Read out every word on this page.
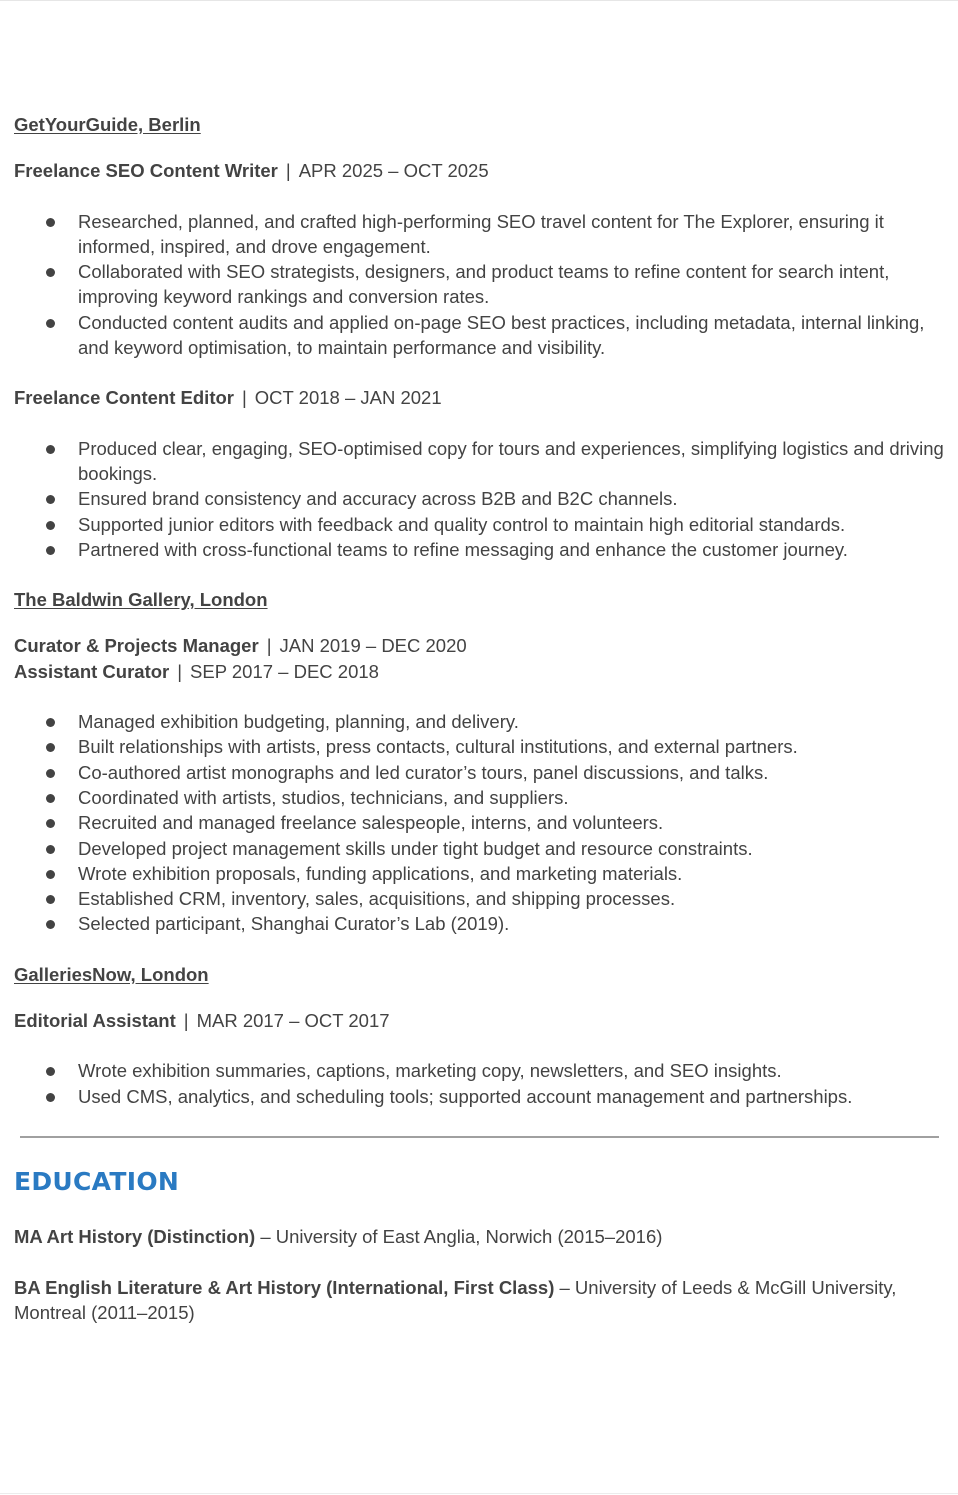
GetYourGuide, Berlin
Freelance SEO Content Writer | APR 2025 – OCT 2025
Researched, planned, and crafted high-performing SEO travel content for The Explorer, ensuring it informed, inspired, and drove engagement.
Collaborated with SEO strategists, designers, and product teams to refine content for search intent, improving keyword rankings and conversion rates.
Conducted content audits and applied on-page SEO best practices, including metadata, internal linking, and keyword optimisation, to maintain performance and visibility.
Freelance Content Editor | OCT 2018 – JAN 2021
Produced clear, engaging, SEO-optimised copy for tours and experiences, simplifying logistics and driving bookings.
Ensured brand consistency and accuracy across B2B and B2C channels.
Supported junior editors with feedback and quality control to maintain high editorial standards.
Partnered with cross-functional teams to refine messaging and enhance the customer journey.
The Baldwin Gallery, London
Curator & Projects Manager | JAN 2019 – DEC 2020
Assistant Curator | SEP 2017 – DEC 2018
Managed exhibition budgeting, planning, and delivery.
Built relationships with artists, press contacts, cultural institutions, and external partners.
Co-authored artist monographs and led curator’s tours, panel discussions, and talks.
Coordinated with artists, studios, technicians, and suppliers.
Recruited and managed freelance salespeople, interns, and volunteers.
Developed project management skills under tight budget and resource constraints.
Wrote exhibition proposals, funding applications, and marketing materials.
Established CRM, inventory, sales, acquisitions, and shipping processes.
Selected participant, Shanghai Curator’s Lab (2019).
GalleriesNow, London
Editorial Assistant | MAR 2017 – OCT 2017
Wrote exhibition summaries, captions, marketing copy, newsletters, and SEO insights.
Used CMS, analytics, and scheduling tools; supported account management and partnerships.
EDUCATION
MA Art History (Distinction) – University of East Anglia, Norwich (2015–2016)
BA English Literature & Art History (International, First Class) – University of Leeds & McGill University, Montreal (2011–2015)
